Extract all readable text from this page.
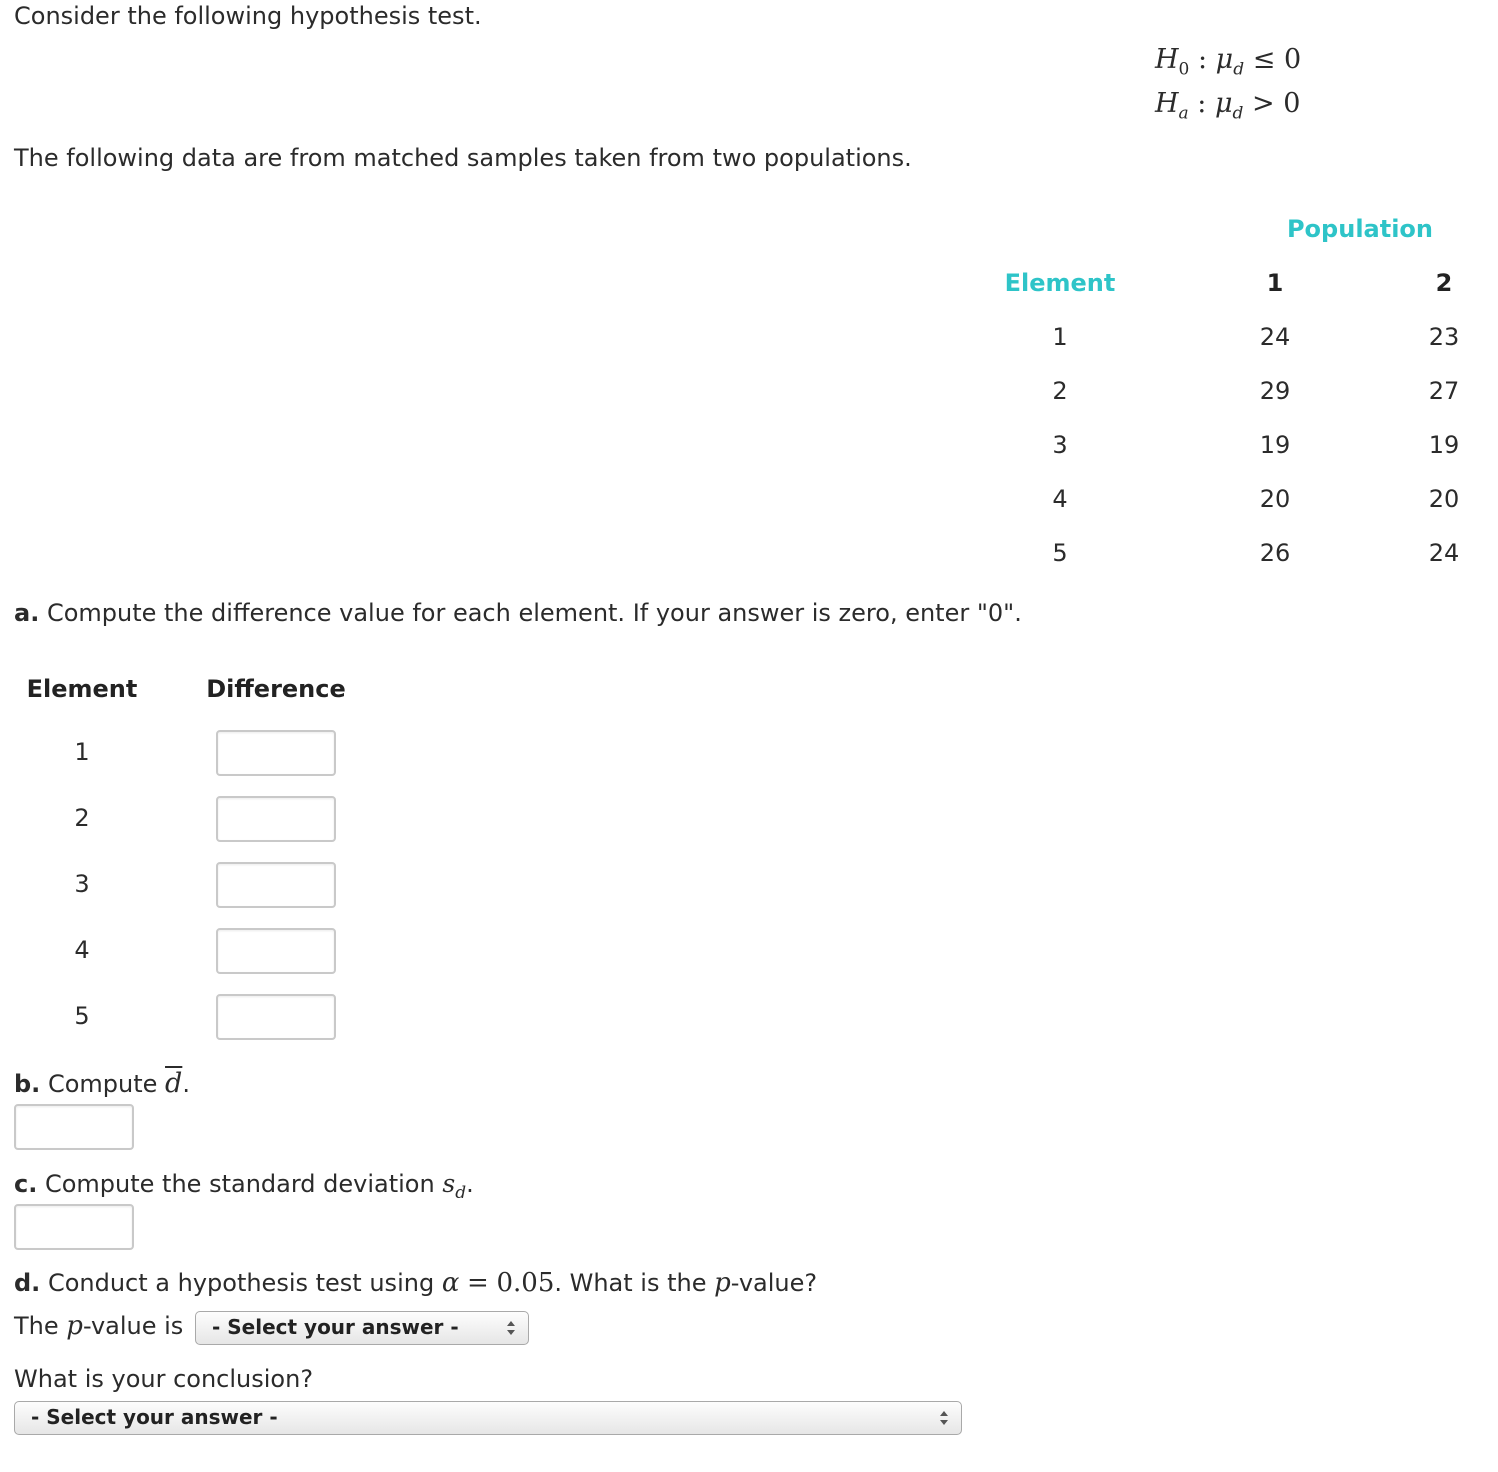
Consider the following hypothesis test.
$H_0$ : $\mu_d \le 0$
$H_a$ : $\mu_d > 0$
The following data are from matched samples taken from two populations.
Population
Element	1	2
1	24	23
2	29	27
3	19	19
4	20	20
5	26	24
a. Compute the difference value for each element. If your answer is zero, enter "0".
Element	Difference
1
2
3
4
5
b. Compute $\overline{d}$.
c. Compute the standard deviation $s_d$.
d. Conduct a hypothesis test using α = 0.05. What is the p-value?
The p-value is	- Select your answer -
What is your conclusion?
- Select your answer -
